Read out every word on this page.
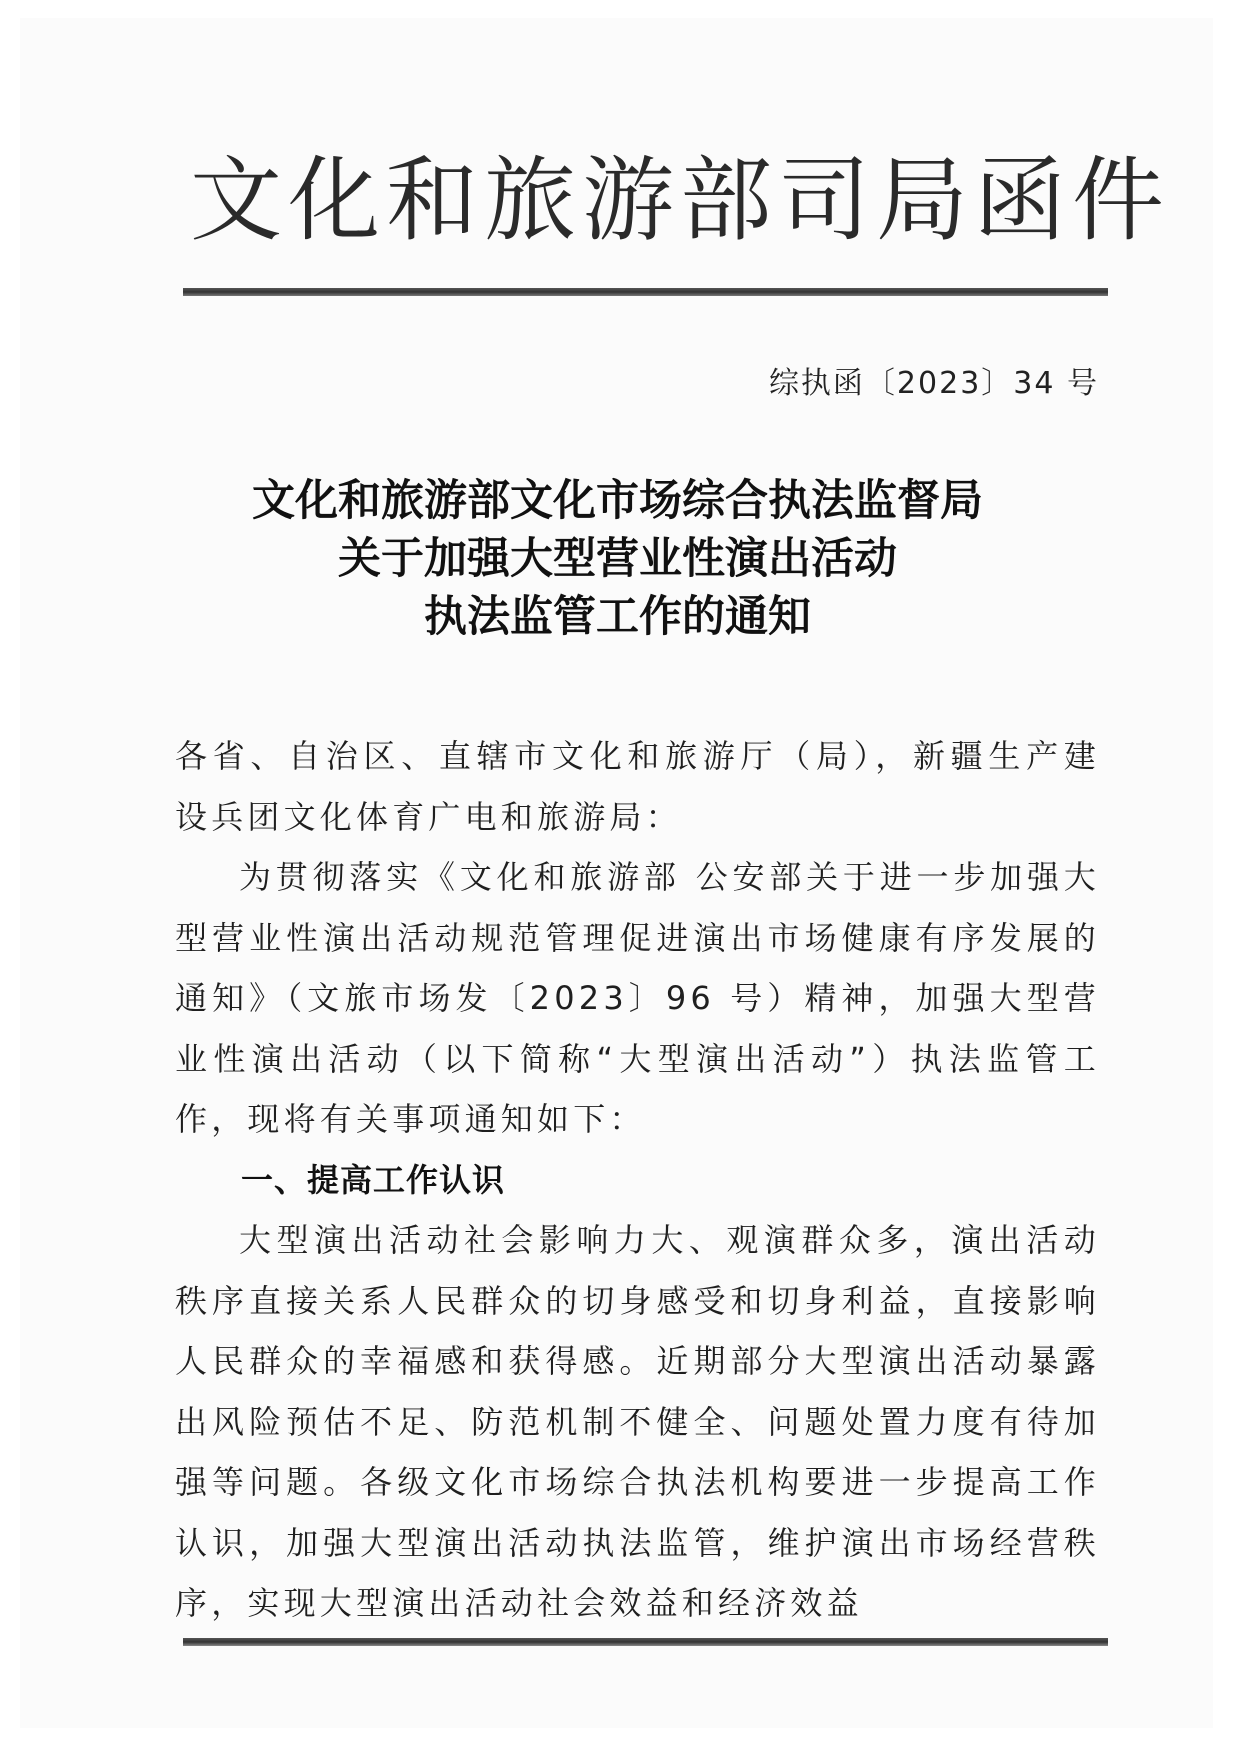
文化和旅游部司局函件
综执函〔2023〕34 号
文化和旅游部文化市场综合执法监督局
关于加强大型营业性演出活动
执法监管工作的通知

各省、自治区、直辖市文化和旅游厅（局），新疆生产建设兵团文化体育广电和旅游局：

为贯彻落实《文化和旅游部 公安部关于进一步加强大型营业性演出活动规范管理促进演出市场健康有序发展的通知》（文旅市场发〔2023〕96 号）精神，加强大型营业性演出活动（以下简称“大型演出活动”）执法监管工作，现将有关事项通知如下：

一、提高工作认识

大型演出活动社会影响力大、观演群众多，演出活动秩序直接关系人民群众的切身感受和切身利益，直接影响人民群众的幸福感和获得感。近期部分大型演出活动暴露出风险预估不足、防范机制不健全、问题处置力度有待加强等问题。各级文化市场综合执法机构要进一步提高工作认识，加强大型演出活动执法监管，维护演出市场经营秩序，实现大型演出活动社会效益和经济效益
